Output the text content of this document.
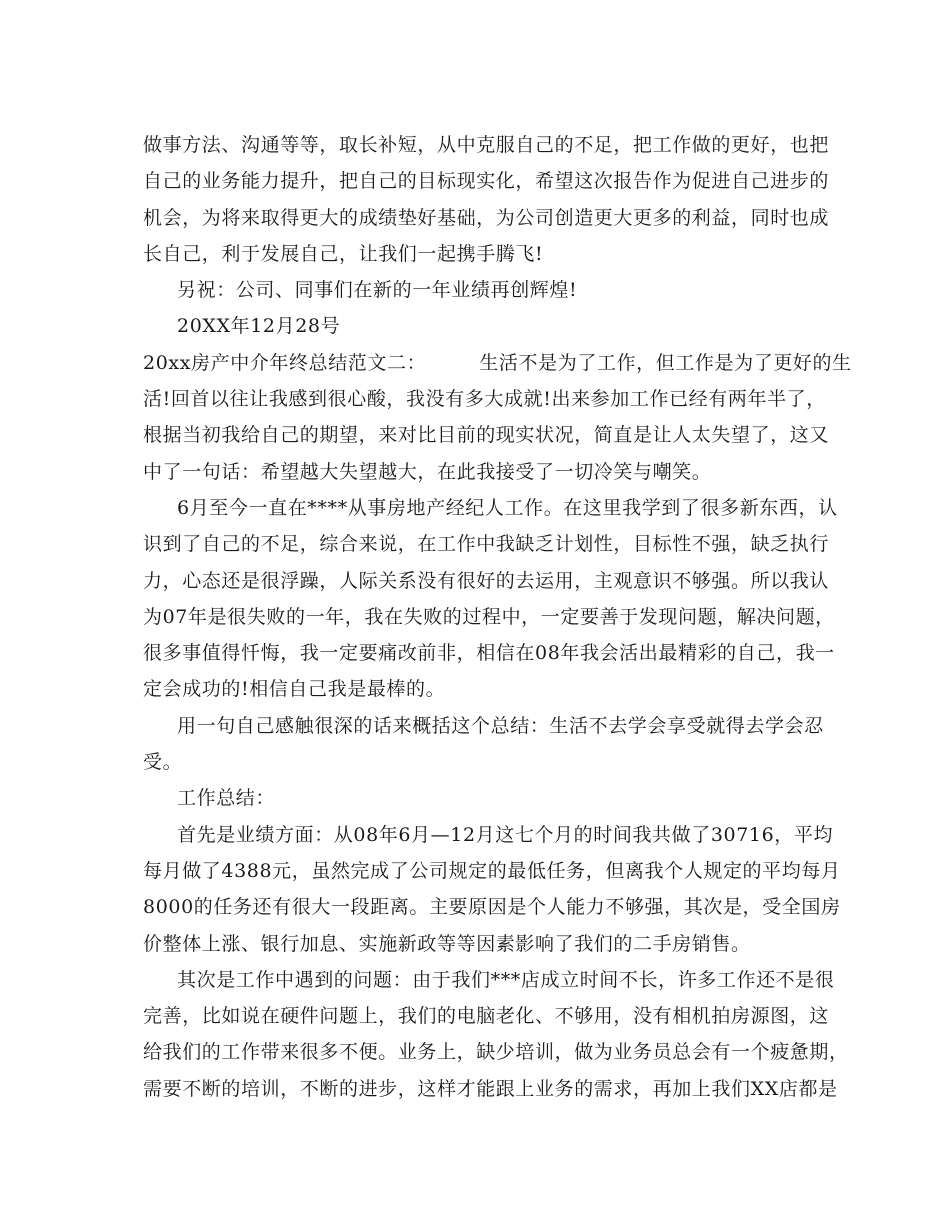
做事方法、沟通等等，取长补短，从中克服自己的不足，把工作做的更好，也把
自己的业务能力提升，把自己的目标现实化，希望这次报告作为促进自己进步的
机会，为将来取得更大的成绩垫好基础，为公司创造更大更多的利益，同时也成
长自己，利于发展自己，让我们一起携手腾飞!
另祝：公司、同事们在新的一年业绩再创辉煌!
20XX年12月28号
20xx房产中介年终总结范文二：        生活不是为了工作，但工作是为了更好的生
活!回首以往让我感到很心酸，我没有多大成就!出来参加工作已经有两年半了，
根据当初我给自己的期望，来对比目前的现实状况，简直是让人太失望了，这又
中了一句话：希望越大失望越大，在此我接受了一切冷笑与嘲笑。
6月至今一直在****从事房地产经纪人工作。在这里我学到了很多新东西，认
识到了自己的不足，综合来说，在工作中我缺乏计划性，目标性不强，缺乏执行
力，心态还是很浮躁，人际关系没有很好的去运用，主观意识不够强。所以我认
为07年是很失败的一年，我在失败的过程中，一定要善于发现问题，解决问题，
很多事值得忏悔，我一定要痛改前非，相信在08年我会活出最精彩的自己，我一
定会成功的!相信自己我是最棒的。
用一句自己感触很深的话来概括这个总结：生活不去学会享受就得去学会忍
受。
工作总结：
首先是业绩方面：从08年6月—12月这七个月的时间我共做了30716，平均
每月做了4388元，虽然完成了公司规定的最低任务，但离我个人规定的平均每月
8000的任务还有很大一段距离。主要原因是个人能力不够强，其次是，受全国房
价整体上涨、银行加息、实施新政等等因素影响了我们的二手房销售。
其次是工作中遇到的问题：由于我们***店成立时间不长，许多工作还不是很
完善，比如说在硬件问题上，我们的电脑老化、不够用，没有相机拍房源图，这
给我们的工作带来很多不便。业务上，缺少培训，做为业务员总会有一个疲惫期，
需要不断的培训，不断的进步，这样才能跟上业务的需求，再加上我们XX店都是
